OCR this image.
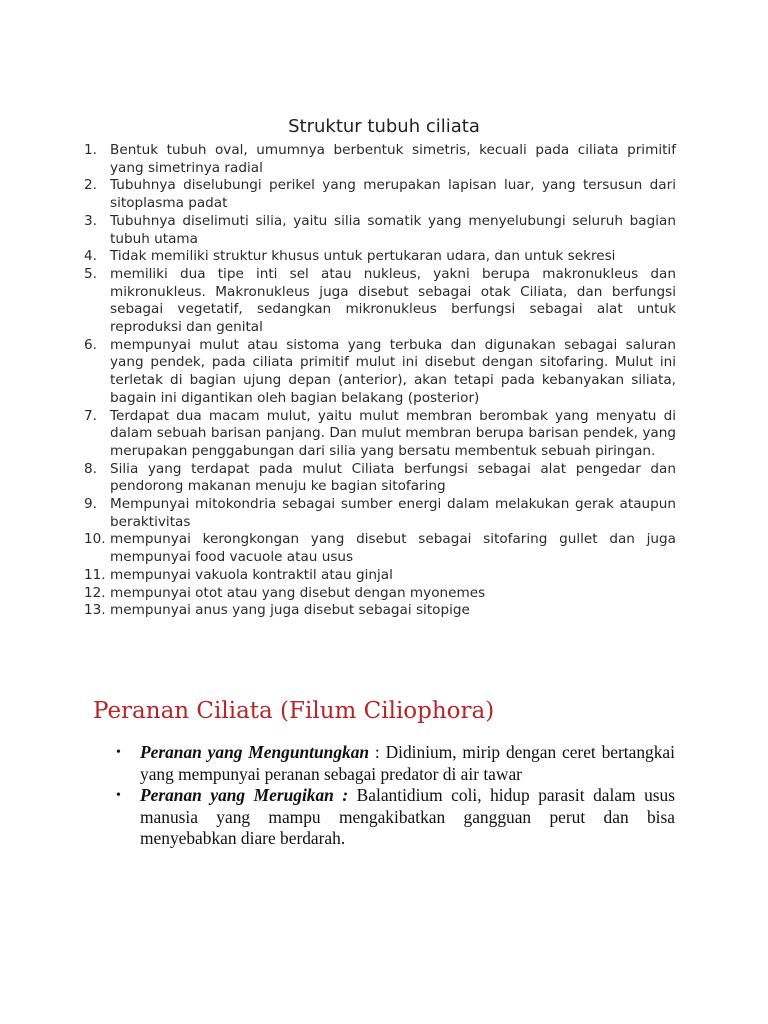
Struktur tubuh ciliata
1. Bentuk tubuh oval, umumnya berbentuk simetris, kecuali pada ciliata primitif yang simetrinya radial
2. Tubuhnya diselubungi perikel yang merupakan lapisan luar, yang tersusun dari sitoplasma padat
3. Tubuhnya diselimuti silia, yaitu silia somatik yang menyelubungi seluruh bagian tubuh utama
4. Tidak memiliki struktur khusus untuk pertukaran udara, dan untuk sekresi
5. memiliki dua tipe inti sel atau nukleus, yakni berupa makronukleus dan mikronukleus. Makronukleus juga disebut sebagai otak Ciliata, dan berfungsi sebagai vegetatif, sedangkan mikronukleus berfungsi sebagai alat untuk reproduksi dan genital
6. mempunyai mulut atau sistoma yang terbuka dan digunakan sebagai saluran yang pendek, pada ciliata primitif mulut ini disebut dengan sitofaring. Mulut ini terletak di bagian ujung depan (anterior), akan tetapi pada kebanyakan siliata, bagain ini digantikan oleh bagian belakang (posterior)
7. Terdapat dua macam mulut, yaitu mulut membran berombak yang menyatu di dalam sebuah barisan panjang. Dan mulut membran berupa barisan pendek, yang merupakan penggabungan dari silia yang bersatu membentuk sebuah piringan.
8. Silia yang terdapat pada mulut Ciliata berfungsi sebagai alat pengedar dan pendorong makanan menuju ke bagian sitofaring
9. Mempunyai mitokondria sebagai sumber energi dalam melakukan gerak ataupun beraktivitas
10. mempunyai kerongkongan yang disebut sebagai sitofaring gullet dan juga mempunyai food vacuole atau usus
11. mempunyai vakuola kontraktil atau ginjal
12. mempunyai otot atau yang disebut dengan myonemes
13. mempunyai anus yang juga disebut sebagai sitopige
Peranan Ciliata (Filum Ciliophora)
• Peranan yang Menguntungkan : Didinium, mirip dengan ceret bertangkai yang mempunyai peranan sebagai predator di air tawar
• Peranan yang Merugikan : Balantidium coli, hidup parasit dalam usus manusia yang mampu mengakibatkan gangguan perut dan bisa menyebabkan diare berdarah.
